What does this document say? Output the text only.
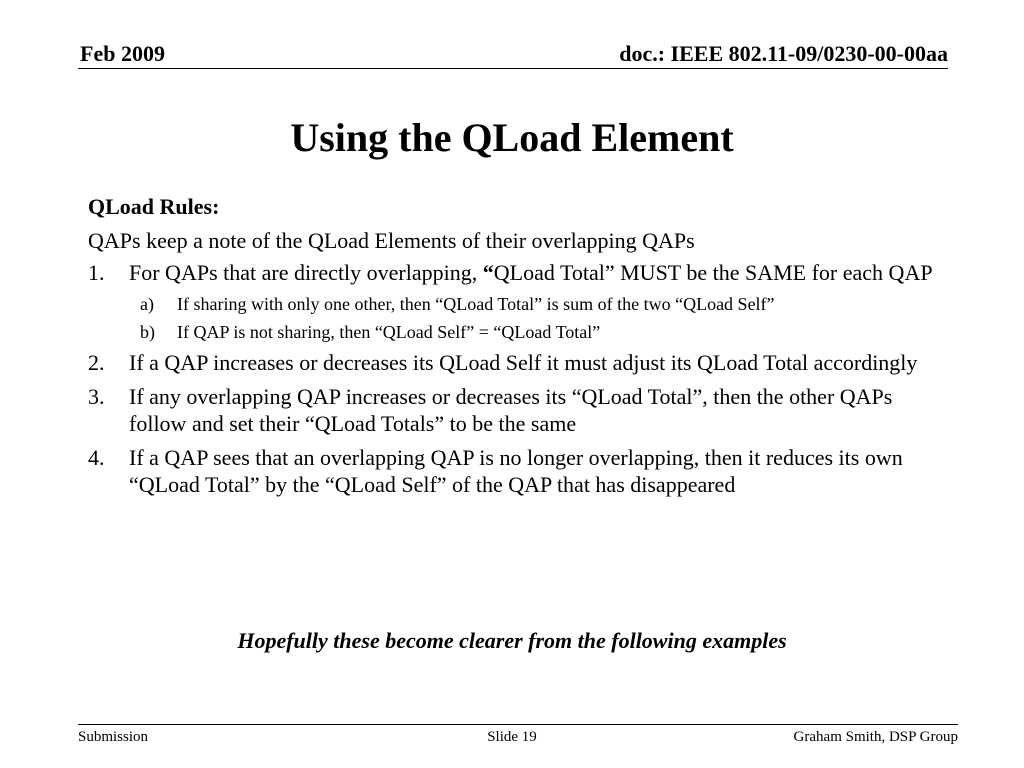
Feb 2009	doc.: IEEE 802.11-09/0230-00-00aa
Using the QLoad Element
QLoad Rules:
QAPs keep a note of the QLoad Elements of their overlapping QAPs
1. For QAPs that are directly overlapping, “QLoad Total” MUST be the SAME for each QAP
a) If sharing with only one other, then “QLoad Total” is sum of the two “QLoad Self”
b) If QAP is not sharing, then “QLoad Self” = “QLoad Total”
2. If a QAP increases or decreases its QLoad Self it must adjust its QLoad Total accordingly
3. If any overlapping QAP increases or decreases its “QLoad Total”, then the other QAPs follow and set their “QLoad Totals” to be the same
4. If a QAP sees that an overlapping QAP is no longer overlapping, then it reduces its own “QLoad Total” by the “QLoad Self” of the QAP that has disappeared
Hopefully these become clearer from the following examples
Submission	Slide 19	Graham Smith, DSP Group
